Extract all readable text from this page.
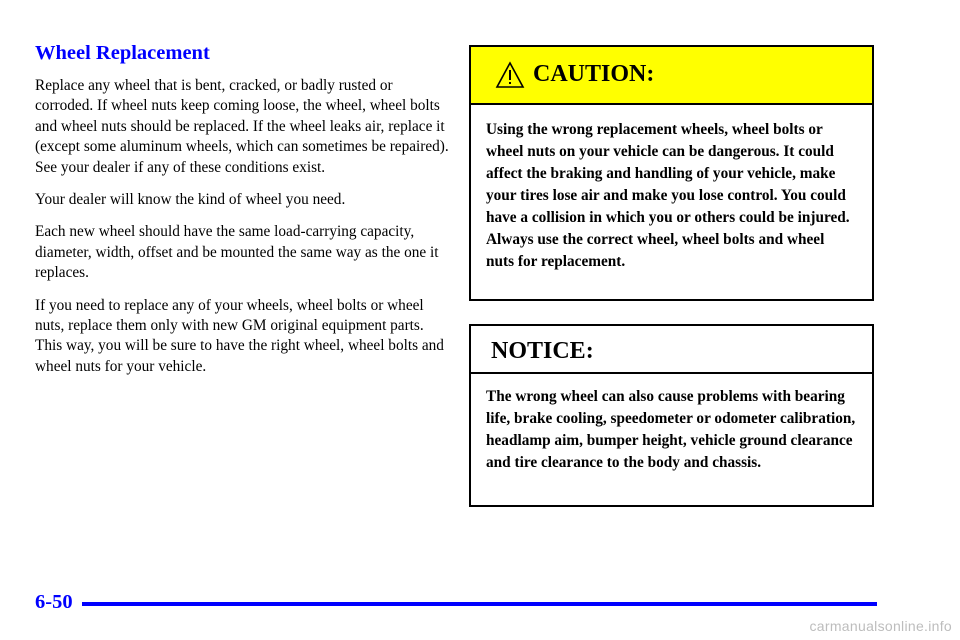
Wheel Replacement

Replace any wheel that is bent, cracked, or badly rusted or corroded. If wheel nuts keep coming loose, the wheel, wheel bolts and wheel nuts should be replaced. If the wheel leaks air, replace it (except some aluminum wheels, which can sometimes be repaired). See your dealer if any of these conditions exist.

Your dealer will know the kind of wheel you need.

Each new wheel should have the same load-carrying capacity, diameter, width, offset and be mounted the same way as the one it replaces.

If you need to replace any of your wheels, wheel bolts or wheel nuts, replace them only with new GM original equipment parts. This way, you will be sure to have the right wheel, wheel bolts and wheel nuts for your vehicle.

CAUTION:

Using the wrong replacement wheels, wheel bolts or wheel nuts on your vehicle can be dangerous. It could affect the braking and handling of your vehicle, make your tires lose air and make you lose control. You could have a collision in which you or others could be injured. Always use the correct wheel, wheel bolts and wheel nuts for replacement.

NOTICE:

The wrong wheel can also cause problems with bearing life, brake cooling, speedometer or odometer calibration, headlamp aim, bumper height, vehicle ground clearance and tire clearance to the body and chassis.

6-50
carmanualsonline.info
